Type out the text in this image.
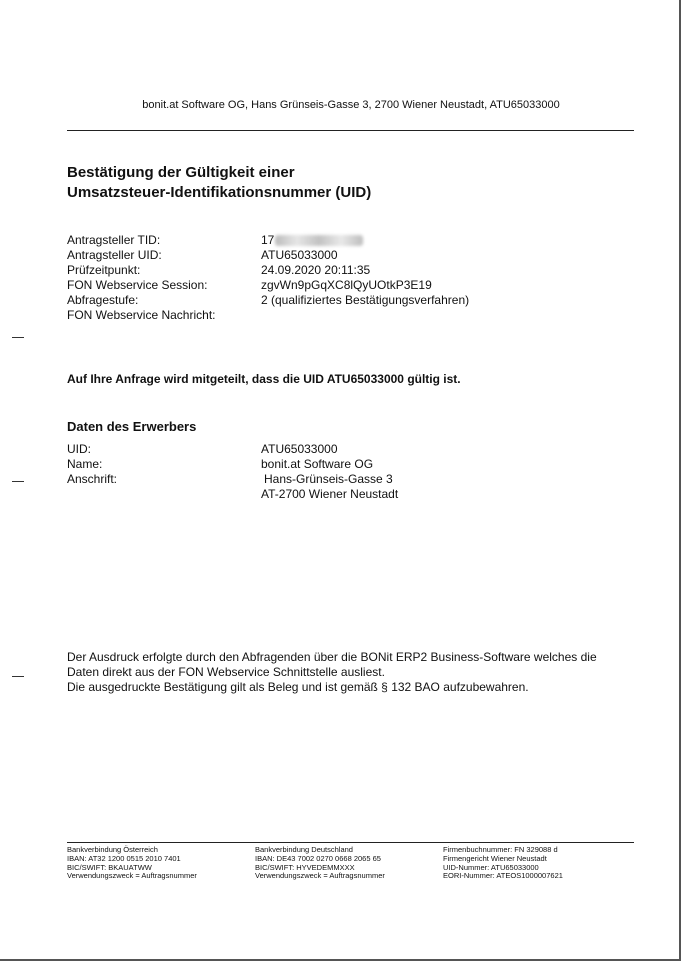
bonit.at Software OG, Hans Grünseis-Gasse 3, 2700 Wiener Neustadt, ATU65033000
Bestätigung der Gültigkeit einer
Umsatzsteuer-Identifikationsnummer (UID)
Antragsteller TID:	17
Antragsteller UID:	ATU65033000
Prüfzeitpunkt:	24.09.2020 20:11:35
FON Webservice Session:	zgvWn9pGqXC8lQyUOtkP3E19
Abfragestufe:	2 (qualifiziertes Bestätigungsverfahren)
FON Webservice Nachricht:
Auf Ihre Anfrage wird mitgeteilt, dass die UID ATU65033000 gültig ist.
Daten des Erwerbers
UID:	ATU65033000
Name:	bonit.at Software OG
Anschrift:	Hans-Grünseis-Gasse 3
AT-2700 Wiener Neustadt
Der Ausdruck erfolgte durch den Abfragenden über die BONit ERP2 Business-Software welches die
Daten direkt aus der FON Webservice Schnittstelle ausliest.
Die ausgedruckte Bestätigung gilt als Beleg und ist gemäß § 132 BAO aufzubewahren.
Bankverbindung Österreich
IBAN: AT32 1200 0515 2010 7401
BIC/SWIFT: BKAUATWW
Verwendungszweck = Auftragsnummer
Bankverbindung Deutschland
IBAN: DE43 7002 0270 0668 2065 65
BIC/SWIFT: HYVEDEMMXXX
Verwendungszweck = Auftragsnummer
Firmenbuchnummer: FN 329088 d
Firmengericht Wiener Neustadt
UID-Nummer: ATU65033000
EORI-Nummer: ATEOS1000007621
